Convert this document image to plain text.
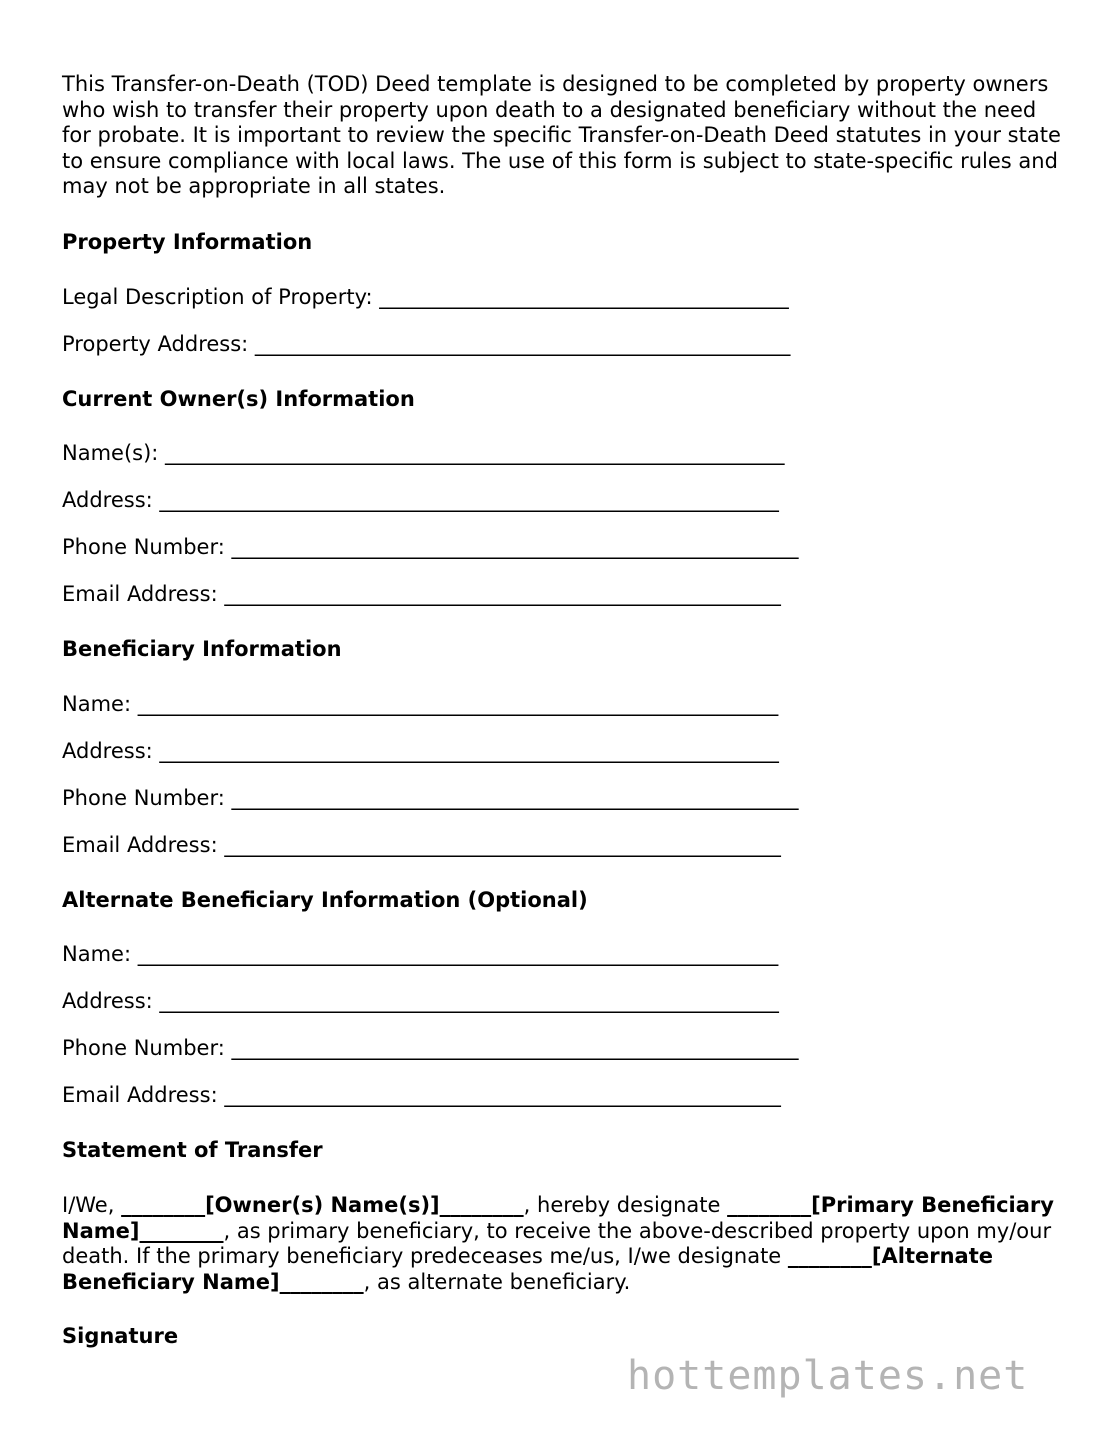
This Transfer-on-Death (TOD) Deed template is designed to be completed by property owners who wish to transfer their property upon death to a designated beneficiary without the need for probate. It is important to review the specific Transfer-on-Death Deed statutes in your state to ensure compliance with local laws. The use of this form is subject to state-specific rules and may not be appropriate in all states.

Property Information

Legal Description of Property: _______________________________________

Property Address: ___________________________________________________

Current Owner(s) Information

Name(s): ___________________________________________________________

Address: ___________________________________________________________

Phone Number: ______________________________________________________

Email Address: _____________________________________________________

Beneficiary Information

Name: _____________________________________________________________

Address: ___________________________________________________________

Phone Number: ______________________________________________________

Email Address: _____________________________________________________

Alternate Beneficiary Information (Optional)

Name: _____________________________________________________________

Address: ___________________________________________________________

Phone Number: ______________________________________________________

Email Address: _____________________________________________________

Statement of Transfer

I/We, ________[Owner(s) Name(s)]________, hereby designate ________[Primary Beneficiary Name]________, as primary beneficiary, to receive the above-described property upon my/our death. If the primary beneficiary predeceases me/us, I/we designate ________[Alternate Beneficiary Name]________, as alternate beneficiary.

Signature

hottemplates.net
